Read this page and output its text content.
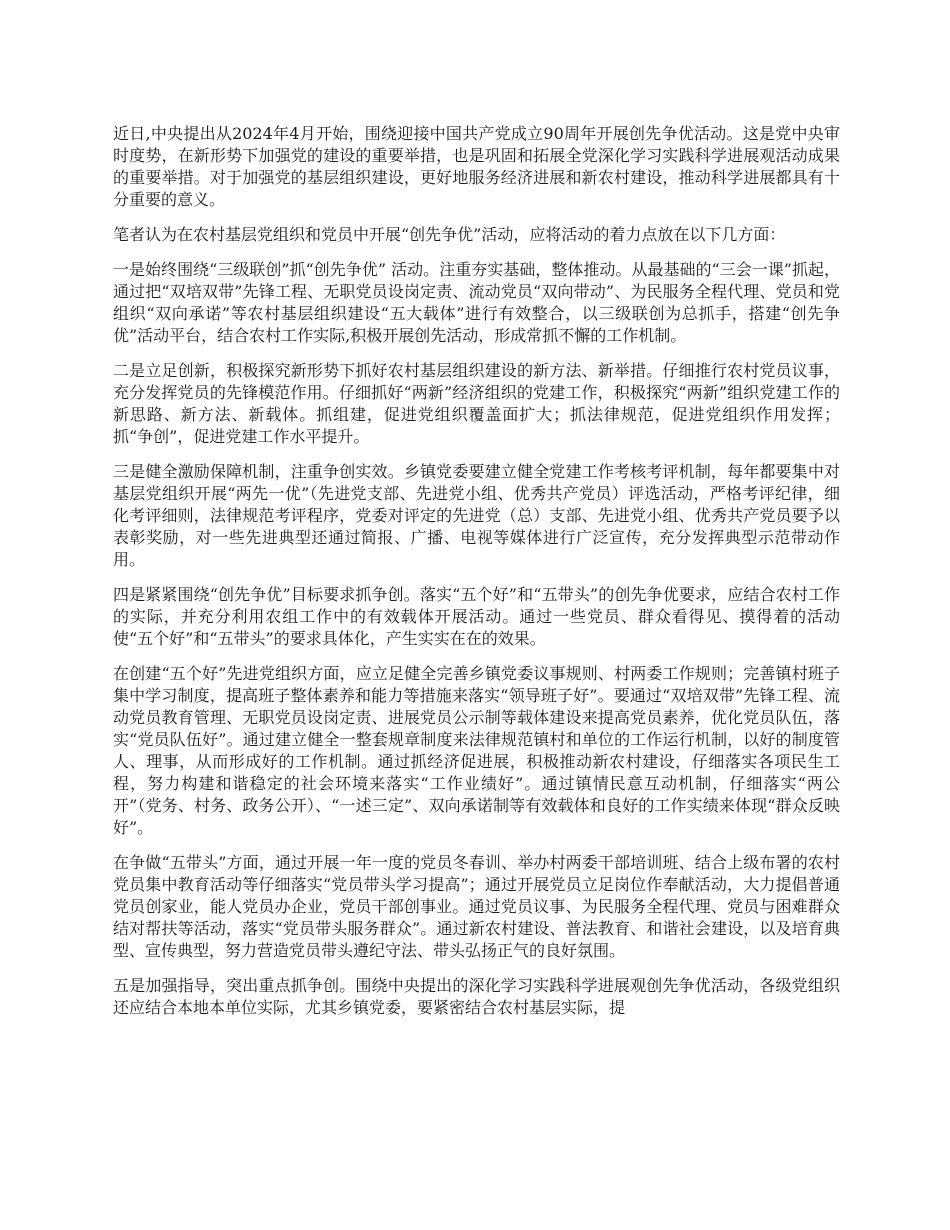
近日,中央提出从2024年4月开始，围绕迎接中国共产党成立90周年开展创先争优活动。这是党中央审时度势，在新形势下加强党的建设的重要举措，也是巩固和拓展全党深化学习实践科学进展观活动成果的重要举措。对于加强党的基层组织建设，更好地服务经济进展和新农村建设，推动科学进展都具有十分重要的意义。

笔者认为在农村基层党组织和党员中开展“创先争优”活动，应将活动的着力点放在以下几方面：

一是始终围绕“三级联创”抓“创先争优” 活动。注重夯实基础，整体推动。从最基础的“三会一课”抓起，通过把“双培双带”先锋工程、无职党员设岗定责、流动党员“双向带动”、为民服务全程代理、党员和党组织“双向承诺”等农村基层组织建设“五大载体”进行有效整合，以三级联创为总抓手，搭建“创先争优”活动平台，结合农村工作实际,积极开展创先活动，形成常抓不懈的工作机制。

二是立足创新，积极探究新形势下抓好农村基层组织建设的新方法、新举措。仔细推行农村党员议事，充分发挥党员的先锋模范作用。仔细抓好“两新”经济组织的党建工作，积极探究“两新”组织党建工作的新思路、新方法、新载体。抓组建，促进党组织覆盖面扩大；抓法律规范，促进党组织作用发挥；抓“争创”，促进党建工作水平提升。

三是健全激励保障机制，注重争创实效。乡镇党委要建立健全党建工作考核考评机制，每年都要集中对基层党组织开展“两先一优”（先进党支部、先进党小组、优秀共产党员）评选活动，严格考评纪律，细化考评细则，法律规范考评程序，党委对评定的先进党（总）支部、先进党小组、优秀共产党员要予以表彰奖励，对一些先进典型还通过简报、广播、电视等媒体进行广泛宣传，充分发挥典型示范带动作用。

四是紧紧围绕“创先争优”目标要求抓争创。落实“五个好”和“五带头”的创先争优要求，应结合农村工作的实际，并充分利用农组工作中的有效载体开展活动。通过一些党员、群众看得见、摸得着的活动使“五个好”和“五带头”的要求具体化，产生实实在在的效果。

在创建“五个好”先进党组织方面，应立足健全完善乡镇党委议事规则、村两委工作规则；完善镇村班子集中学习制度，提高班子整体素养和能力等措施来落实“领导班子好”。要通过“双培双带”先锋工程、流动党员教育管理、无职党员设岗定责、进展党员公示制等载体建设来提高党员素养，优化党员队伍，落实“党员队伍好”。通过建立健全一整套规章制度来法律规范镇村和单位的工作运行机制，以好的制度管人、理事，从而形成好的工作机制。通过抓经济促进展，积极推动新农村建设，仔细落实各项民生工程，努力构建和谐稳定的社会环境来落实“工作业绩好”。通过镇情民意互动机制，仔细落实“两公开”（党务、村务、政务公开）、“一述三定”、双向承诺制等有效载体和良好的工作实绩来体现“群众反映好”。

在争做“五带头”方面，通过开展一年一度的党员冬春训、举办村两委干部培训班、结合上级布署的农村党员集中教育活动等仔细落实“党员带头学习提高”；通过开展党员立足岗位作奉献活动，大力提倡普通党员创家业，能人党员办企业，党员干部创事业。通过党员议事、为民服务全程代理、党员与困难群众结对帮扶等活动，落实“党员带头服务群众”。通过新农村建设、普法教育、和谐社会建设，以及培育典型、宣传典型，努力营造党员带头遵纪守法、带头弘扬正气的良好氛围。

五是加强指导，突出重点抓争创。围绕中央提出的深化学习实践科学进展观创先争优活动，各级党组织还应结合本地本单位实际，尤其乡镇党委，要紧密结合农村基层实际，提
